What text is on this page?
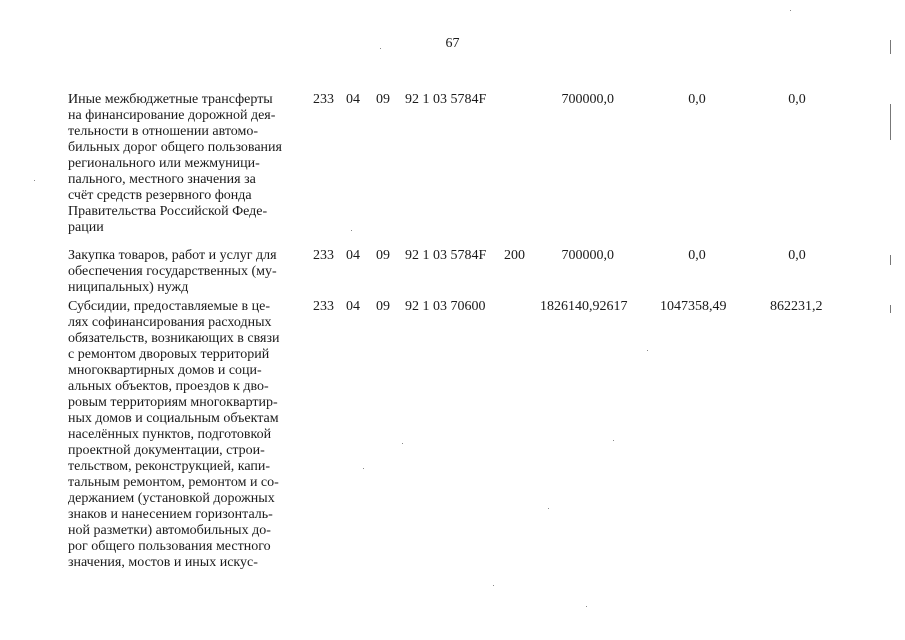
67
Иные межбюджетные трансферты
на финансирование дорожной дея-
тельности в отношении автомо-
бильных дорог общего пользования
регионального или межмуници-
пального, местного значения за
счёт средств резервного фонда
Правительства Российской Феде-
рации
233 04 09 92 1 03 5784F	700000,0	0,0	0,0
Закупка товаров, работ и услуг для
обеспечения государственных (му-
ниципальных) нужд
233 04 09 92 1 03 5784F 200	700000,0	0,0	0,0
Субсидии, предоставляемые в це-
лях софинансирования расходных
обязательств, возникающих в связи
с ремонтом дворовых территорий
многоквартирных домов и соци-
альных объектов, проездов к дво-
ровым территориям многоквартир-
ных домов и социальным объектам
населённых пунктов, подготовкой
проектной документации, строи-
тельством, реконструкцией, капи-
тальным ремонтом, ремонтом и со-
держанием (установкой дорожных
знаков и нанесением горизонталь-
ной разметки) автомобильных до-
рог общего пользования местного
значения, мостов и иных искус-
233 04 09 92 1 03 70600	1826140,92617 1047358,49	862231,2
